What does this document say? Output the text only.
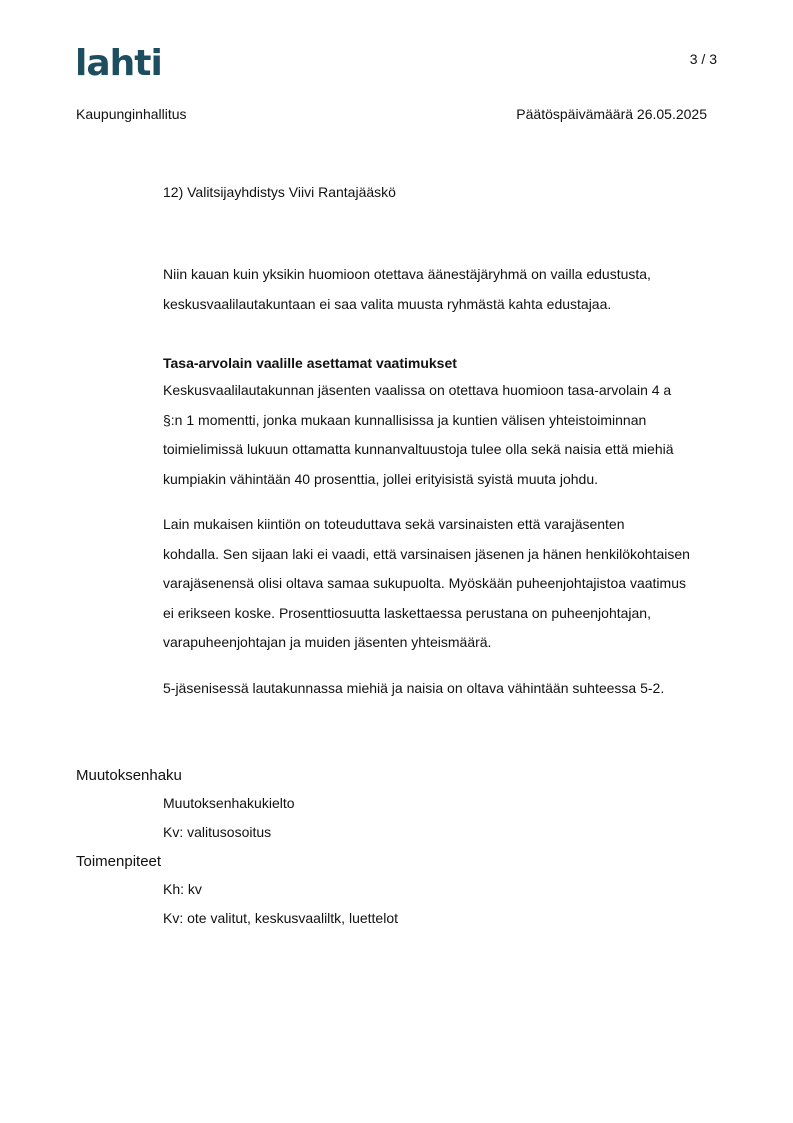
lahti	3 / 3
Kaupunginhallitus	Päätöspäivämäärä 26.05.2025
12) Valitsijayhdistys Viivi Rantajääskö
Niin kauan kuin yksikin huomioon otettava äänestäjäryhmä on vailla edustusta,
keskusvaalilautakuntaan ei saa valita muusta ryhmästä kahta edustajaa.
Tasa-arvolain vaalille asettamat vaatimukset
Keskusvaalilautakunnan jäsenten vaalissa on otettava huomioon tasa-arvolain 4 a
§:n 1 momentti, jonka mukaan kunnallisissa ja kuntien välisen yhteistoiminnan
toimielimissä lukuun ottamatta kunnanvaltuustoja tulee olla sekä naisia että miehiä
kumpiakin vähintään 40 prosenttia, jollei erityisistä syistä muuta johdu.
Lain mukaisen kiintiön on toteuduttava sekä varsinaisten että varajäsenten
kohdalla. Sen sijaan laki ei vaadi, että varsinaisen jäsenen ja hänen henkilökohtaisen
varajäsenensä olisi oltava samaa sukupuolta. Myöskään puheenjohtajistoa vaatimus
ei erikseen koske. Prosenttiosuutta laskettaessa perustana on puheenjohtajan,
varapuheenjohtajan ja muiden jäsenten yhteismäärä.
5-jäsenisessä lautakunnassa miehiä ja naisia on oltava vähintään suhteessa 5-2.
Muutoksenhaku
Muutoksenhakukielto
Kv: valitusosoitus
Toimenpiteet
Kh: kv
Kv: ote valitut, keskusvaaliltk, luettelot
